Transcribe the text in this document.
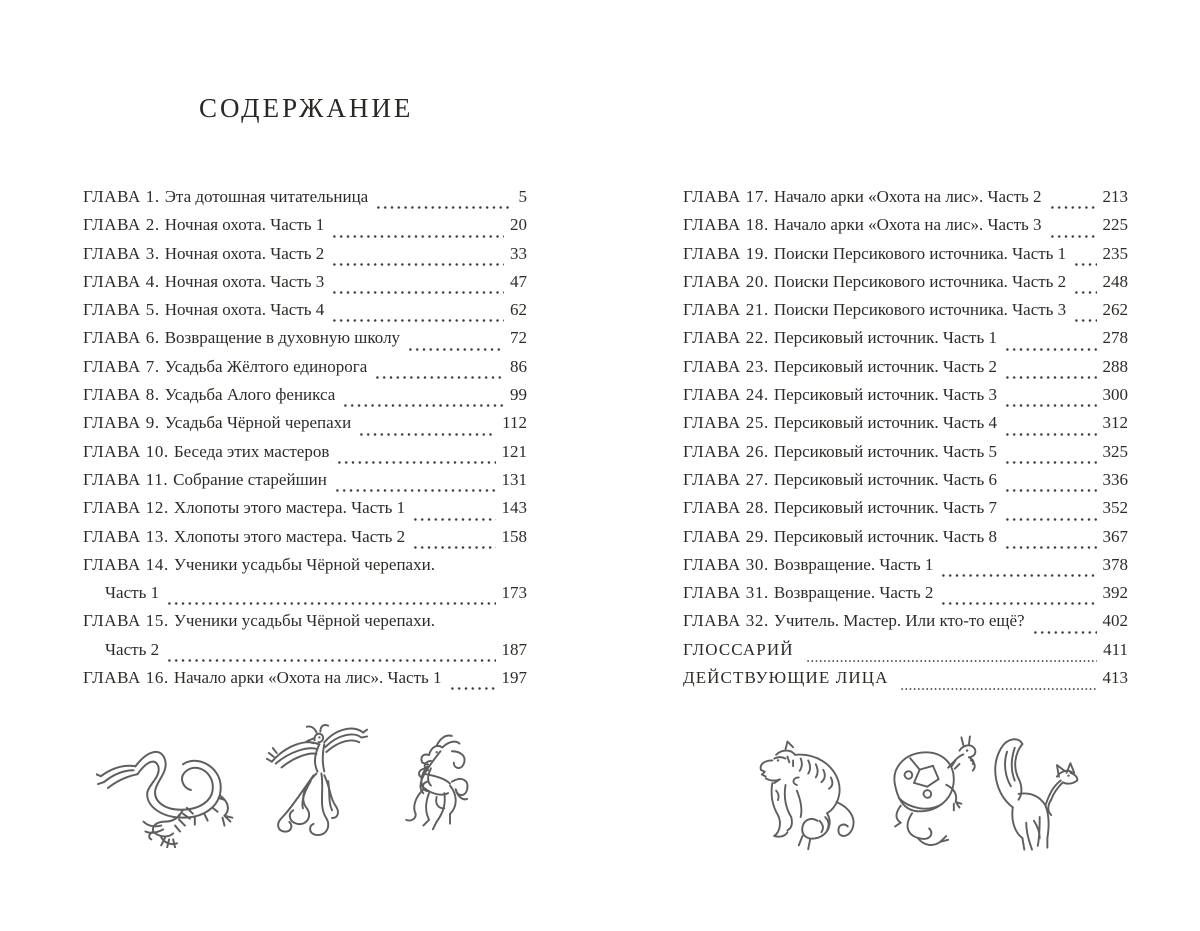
СОДЕРЖАНИЕ
ГЛАВА 1. Эта дотошная читательница	5
ГЛАВА 2. Ночная охота. Часть 1	20
ГЛАВА 3. Ночная охота. Часть 2	33
ГЛАВА 4. Ночная охота. Часть 3	47
ГЛАВА 5. Ночная охота. Часть 4	62
ГЛАВА 6. Возвращение в духовную школу	72
ГЛАВА 7. Усадьба Жёлтого единорога	86
ГЛАВА 8. Усадьба Алого феникса	99
ГЛАВА 9. Усадьба Чёрной черепахи	112
ГЛАВА 10. Беседа этих мастеров	121
ГЛАВА 11. Собрание старейшин	131
ГЛАВА 12. Хлопоты этого мастера. Часть 1	143
ГЛАВА 13. Хлопоты этого мастера. Часть 2	158
ГЛАВА 14. Ученики усадьбы Чёрной черепахи.
Часть 1	173
ГЛАВА 15. Ученики усадьбы Чёрной черепахи.
Часть 2	187
ГЛАВА 16. Начало арки «Охота на лис». Часть 1	197
ГЛАВА 17. Начало арки «Охота на лис». Часть 2	213
ГЛАВА 18. Начало арки «Охота на лис». Часть 3	225
ГЛАВА 19. Поиски Персикового источника. Часть 1 235
ГЛАВА 20. Поиски Персикового источника. Часть 2 248
ГЛАВА 21. Поиски Персикового источника. Часть 3 262
ГЛАВА 22. Персиковый источник. Часть 1	278
ГЛАВА 23. Персиковый источник. Часть 2	288
ГЛАВА 24. Персиковый источник. Часть 3	300
ГЛАВА 25. Персиковый источник. Часть 4	312
ГЛАВА 26. Персиковый источник. Часть 5	325
ГЛАВА 27. Персиковый источник. Часть 6	336
ГЛАВА 28. Персиковый источник. Часть 7	352
ГЛАВА 29. Персиковый источник. Часть 8	367
ГЛАВА 30. Возвращение. Часть 1	378
ГЛАВА 31. Возвращение. Часть 2	392
ГЛАВА 32. Учитель. Мастер. Или кто-то ещё?	402
ГЛОССАРИЙ	411
ДЕЙСТВУЮЩИЕ ЛИЦА	413
